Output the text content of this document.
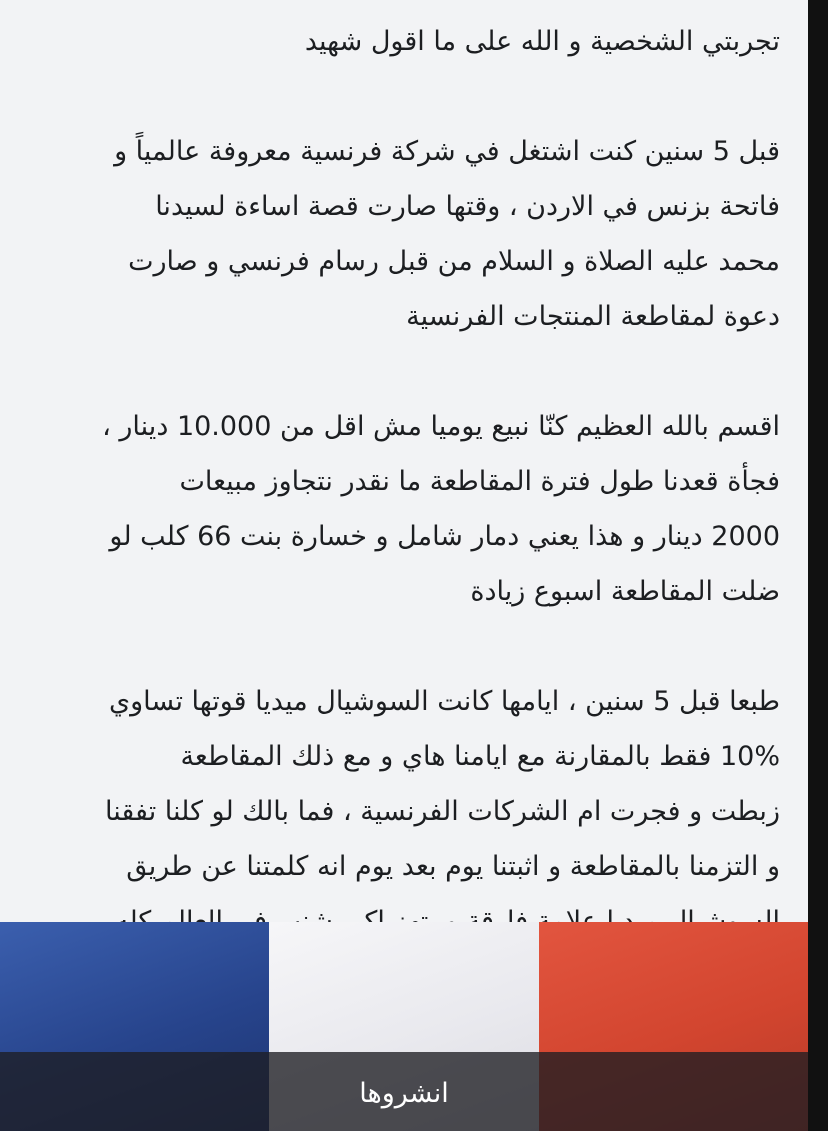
تجربتي الشخصية و الله على ما اقول شهيد

قبل 5 سنين كنت اشتغل في شركة فرنسية معروفة عالمياً و
فاتحة بزنس في الاردن ، وقتها صارت قصة اساءة لسيدنا
محمد عليه الصلاة و السلام من قبل رسام فرنسي و صارت
دعوة لمقاطعة المنتجات الفرنسية

اقسم بالله العظيم كنّا نبيع يوميا مش اقل من 10.000 دينار ،
فجأة قعدنا طول فترة المقاطعة ما نقدر نتجاوز مبيعات
2000 دينار و هذا يعني دمار شامل و خسارة بنت 66 كلب لو
ضلت المقاطعة اسبوع زيادة

طبعا قبل 5 سنين ، ايامها كانت السوشيال ميديا قوتها تساوي
10% فقط بالمقارنة مع ايامنا هاي و مع ذلك المقاطعة
زبطت و فجرت ام الشركات الفرنسية ، فما بالك لو كلنا تفقنا
و التزمنا بالمقاطعة و اثبتنا يوم بعد يوم انه كلمتنا عن طريق

انشروها
